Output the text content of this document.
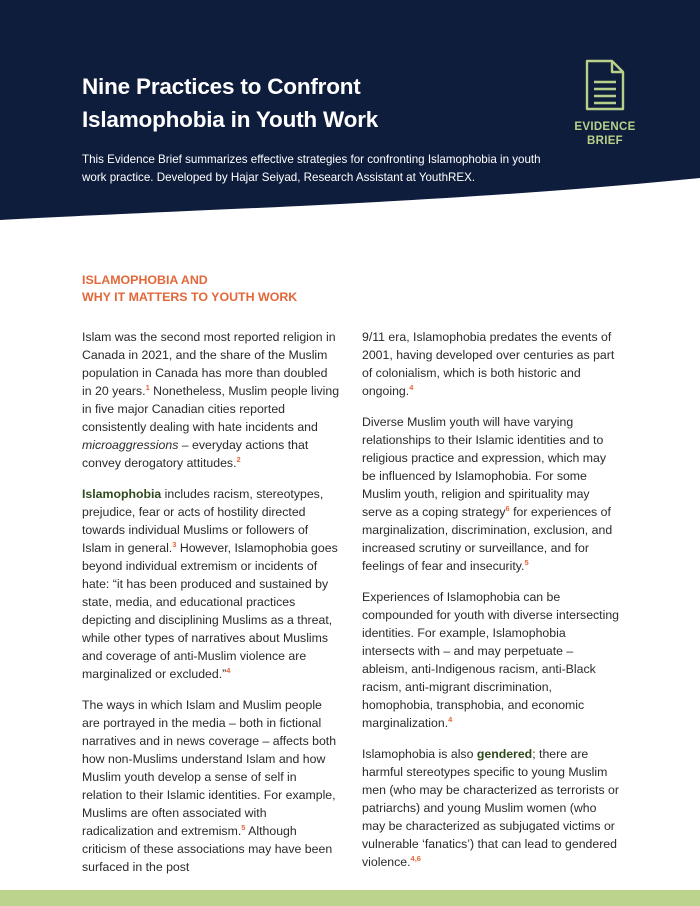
Nine Practices to Confront
Islamophobia in Youth Work

This Evidence Brief summarizes effective strategies for confronting Islamophobia in youth work practice. Developed by Hajar Seiyad, Research Assistant at YouthREX.

EVIDENCE
BRIEF
ISLAMOPHOBIA AND
WHY IT MATTERS TO YOUTH WORK

Islam was the second most reported religion in Canada in 2021, and the share of the Muslim population in Canada has more than doubled in 20 years.$^1$ Nonetheless, Muslim people living in five major Canadian cities reported consistently dealing with hate incidents and microaggressions – everyday actions that convey derogatory attitudes.$^2$

Islamophobia includes racism, stereotypes, prejudice, fear or acts of hostility directed towards individual Muslims or followers of Islam in general.$^3$ However, Islamophobia goes beyond individual extremism or incidents of hate: “it has been produced and sustained by state, media, and educational practices depicting and disciplining Muslims as a threat, while other types of narratives about Muslims and coverage of anti-Muslim violence are marginalized or excluded.”$^4$

The ways in which Islam and Muslim people are portrayed in the media – both in fictional narratives and in news coverage – affects both how non-Muslims understand Islam and how Muslim youth develop a sense of self in relation to their Islamic identities. For example, Muslims are often associated with radicalization and extremism.$^5$ Although criticism of these associations may have been surfaced in the post

9/11 era, Islamophobia predates the events of 2001, having developed over centuries as part of colonialism, which is both historic and ongoing.$^4$

Diverse Muslim youth will have varying relationships to their Islamic identities and to religious practice and expression, which may be influenced by Islamophobia. For some Muslim youth, religion and spirituality may serve as a coping strategy$^6$ for experiences of marginalization, discrimination, exclusion, and increased scrutiny or surveillance, and for feelings of fear and insecurity.$^5$

Experiences of Islamophobia can be compounded for youth with diverse intersecting identities. For example, Islamophobia intersects with – and may perpetuate – ableism, anti-Indigenous racism, anti-Black racism, anti-migrant discrimination, homophobia, transphobia, and economic marginalization.$^4$

Islamophobia is also gendered; there are harmful stereotypes specific to young Muslim men (who may be characterized as terrorists or patriarchs) and young Muslim women (who may be characterized as subjugated victims or vulnerable ‘fanatics’) that can lead to gendered violence.$^{4,6}$
